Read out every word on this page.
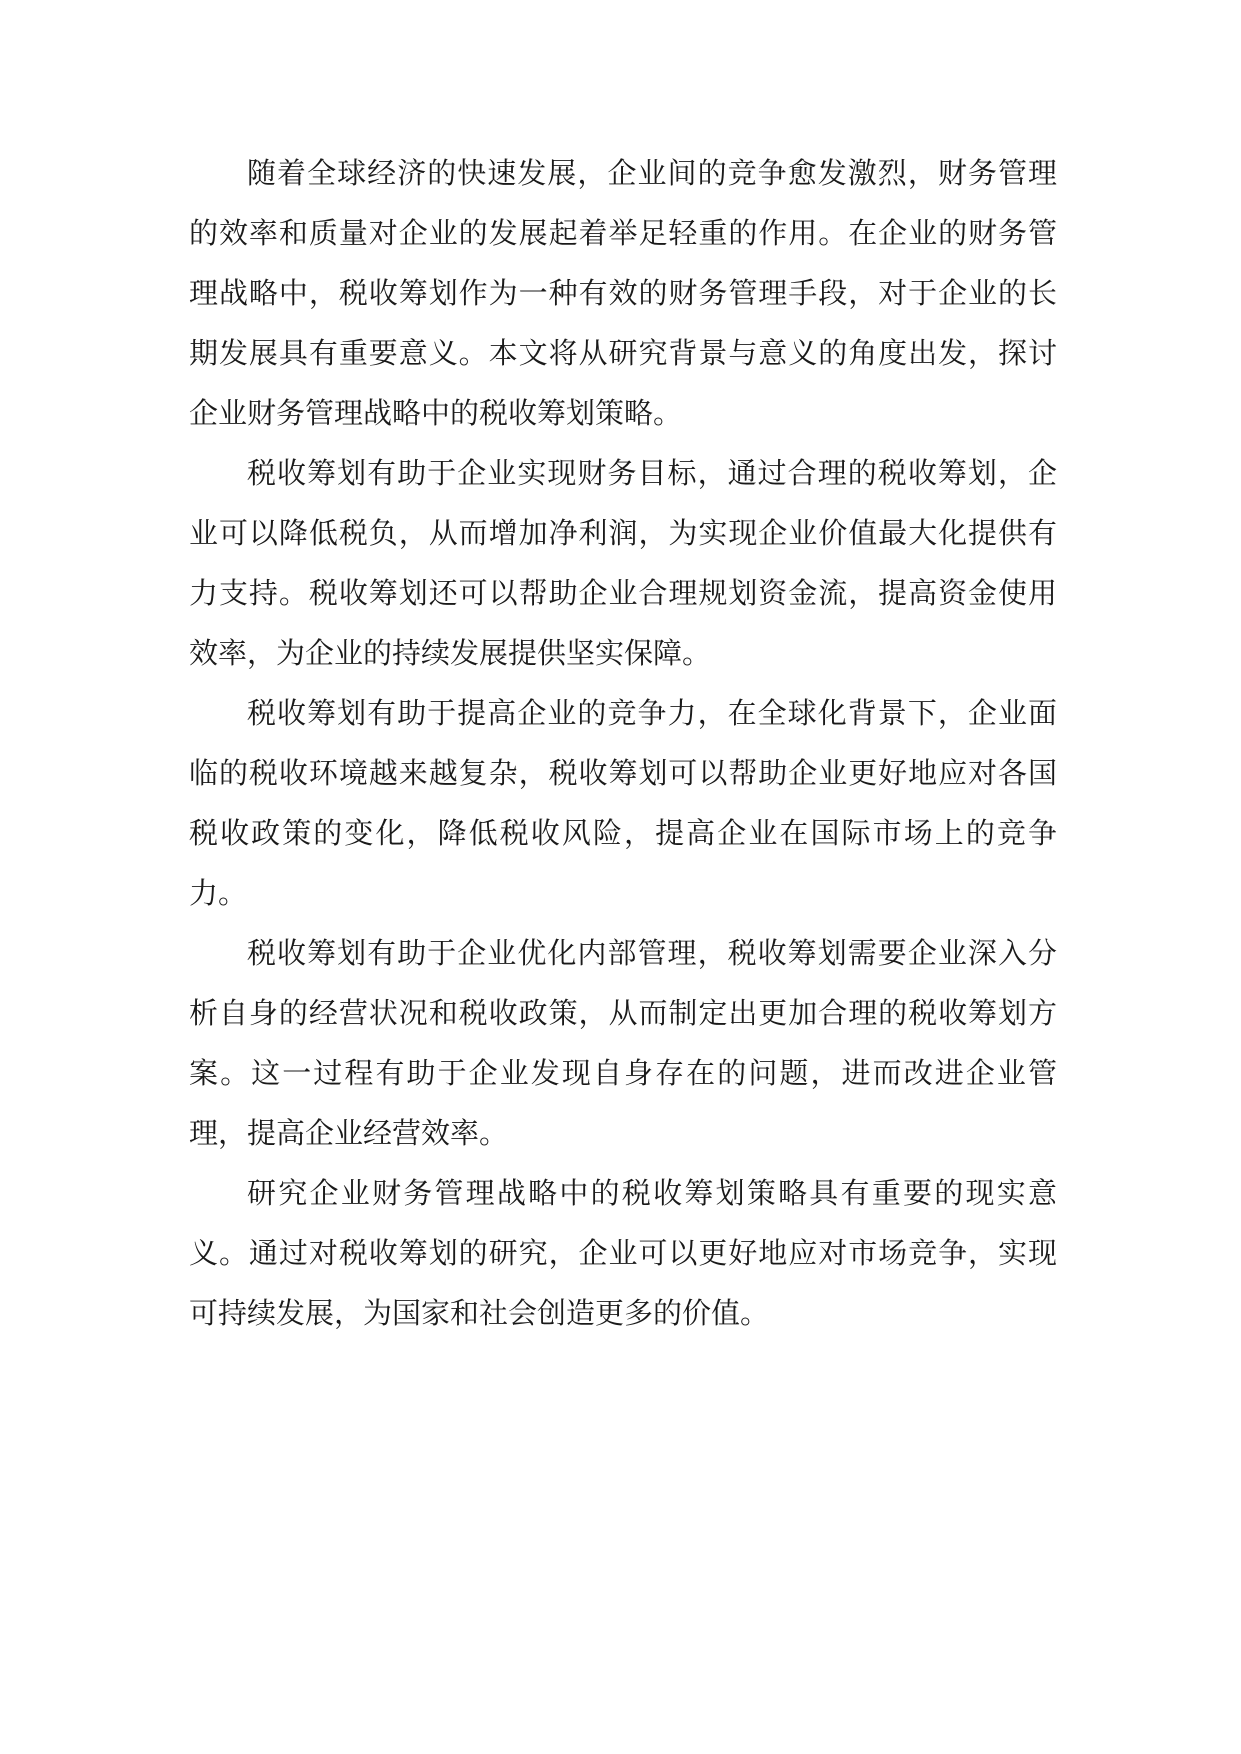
随着全球经济的快速发展，企业间的竞争愈发激烈，财务管理的效率和质量对企业的发展起着举足轻重的作用。在企业的财务管理战略中，税收筹划作为一种有效的财务管理手段，对于企业的长期发展具有重要意义。本文将从研究背景与意义的角度出发，探讨企业财务管理战略中的税收筹划策略。

税收筹划有助于企业实现财务目标，通过合理的税收筹划，企业可以降低税负，从而增加净利润，为实现企业价值最大化提供有力支持。税收筹划还可以帮助企业合理规划资金流，提高资金使用效率，为企业的持续发展提供坚实保障。

税收筹划有助于提高企业的竞争力，在全球化背景下，企业面临的税收环境越来越复杂，税收筹划可以帮助企业更好地应对各国税收政策的变化，降低税收风险，提高企业在国际市场上的竞争力。

税收筹划有助于企业优化内部管理，税收筹划需要企业深入分析自身的经营状况和税收政策，从而制定出更加合理的税收筹划方案。这一过程有助于企业发现自身存在的问题，进而改进企业管理，提高企业经营效率。

研究企业财务管理战略中的税收筹划策略具有重要的现实意义。通过对税收筹划的研究，企业可以更好地应对市场竞争，实现可持续发展，为国家和社会创造更多的价值。
